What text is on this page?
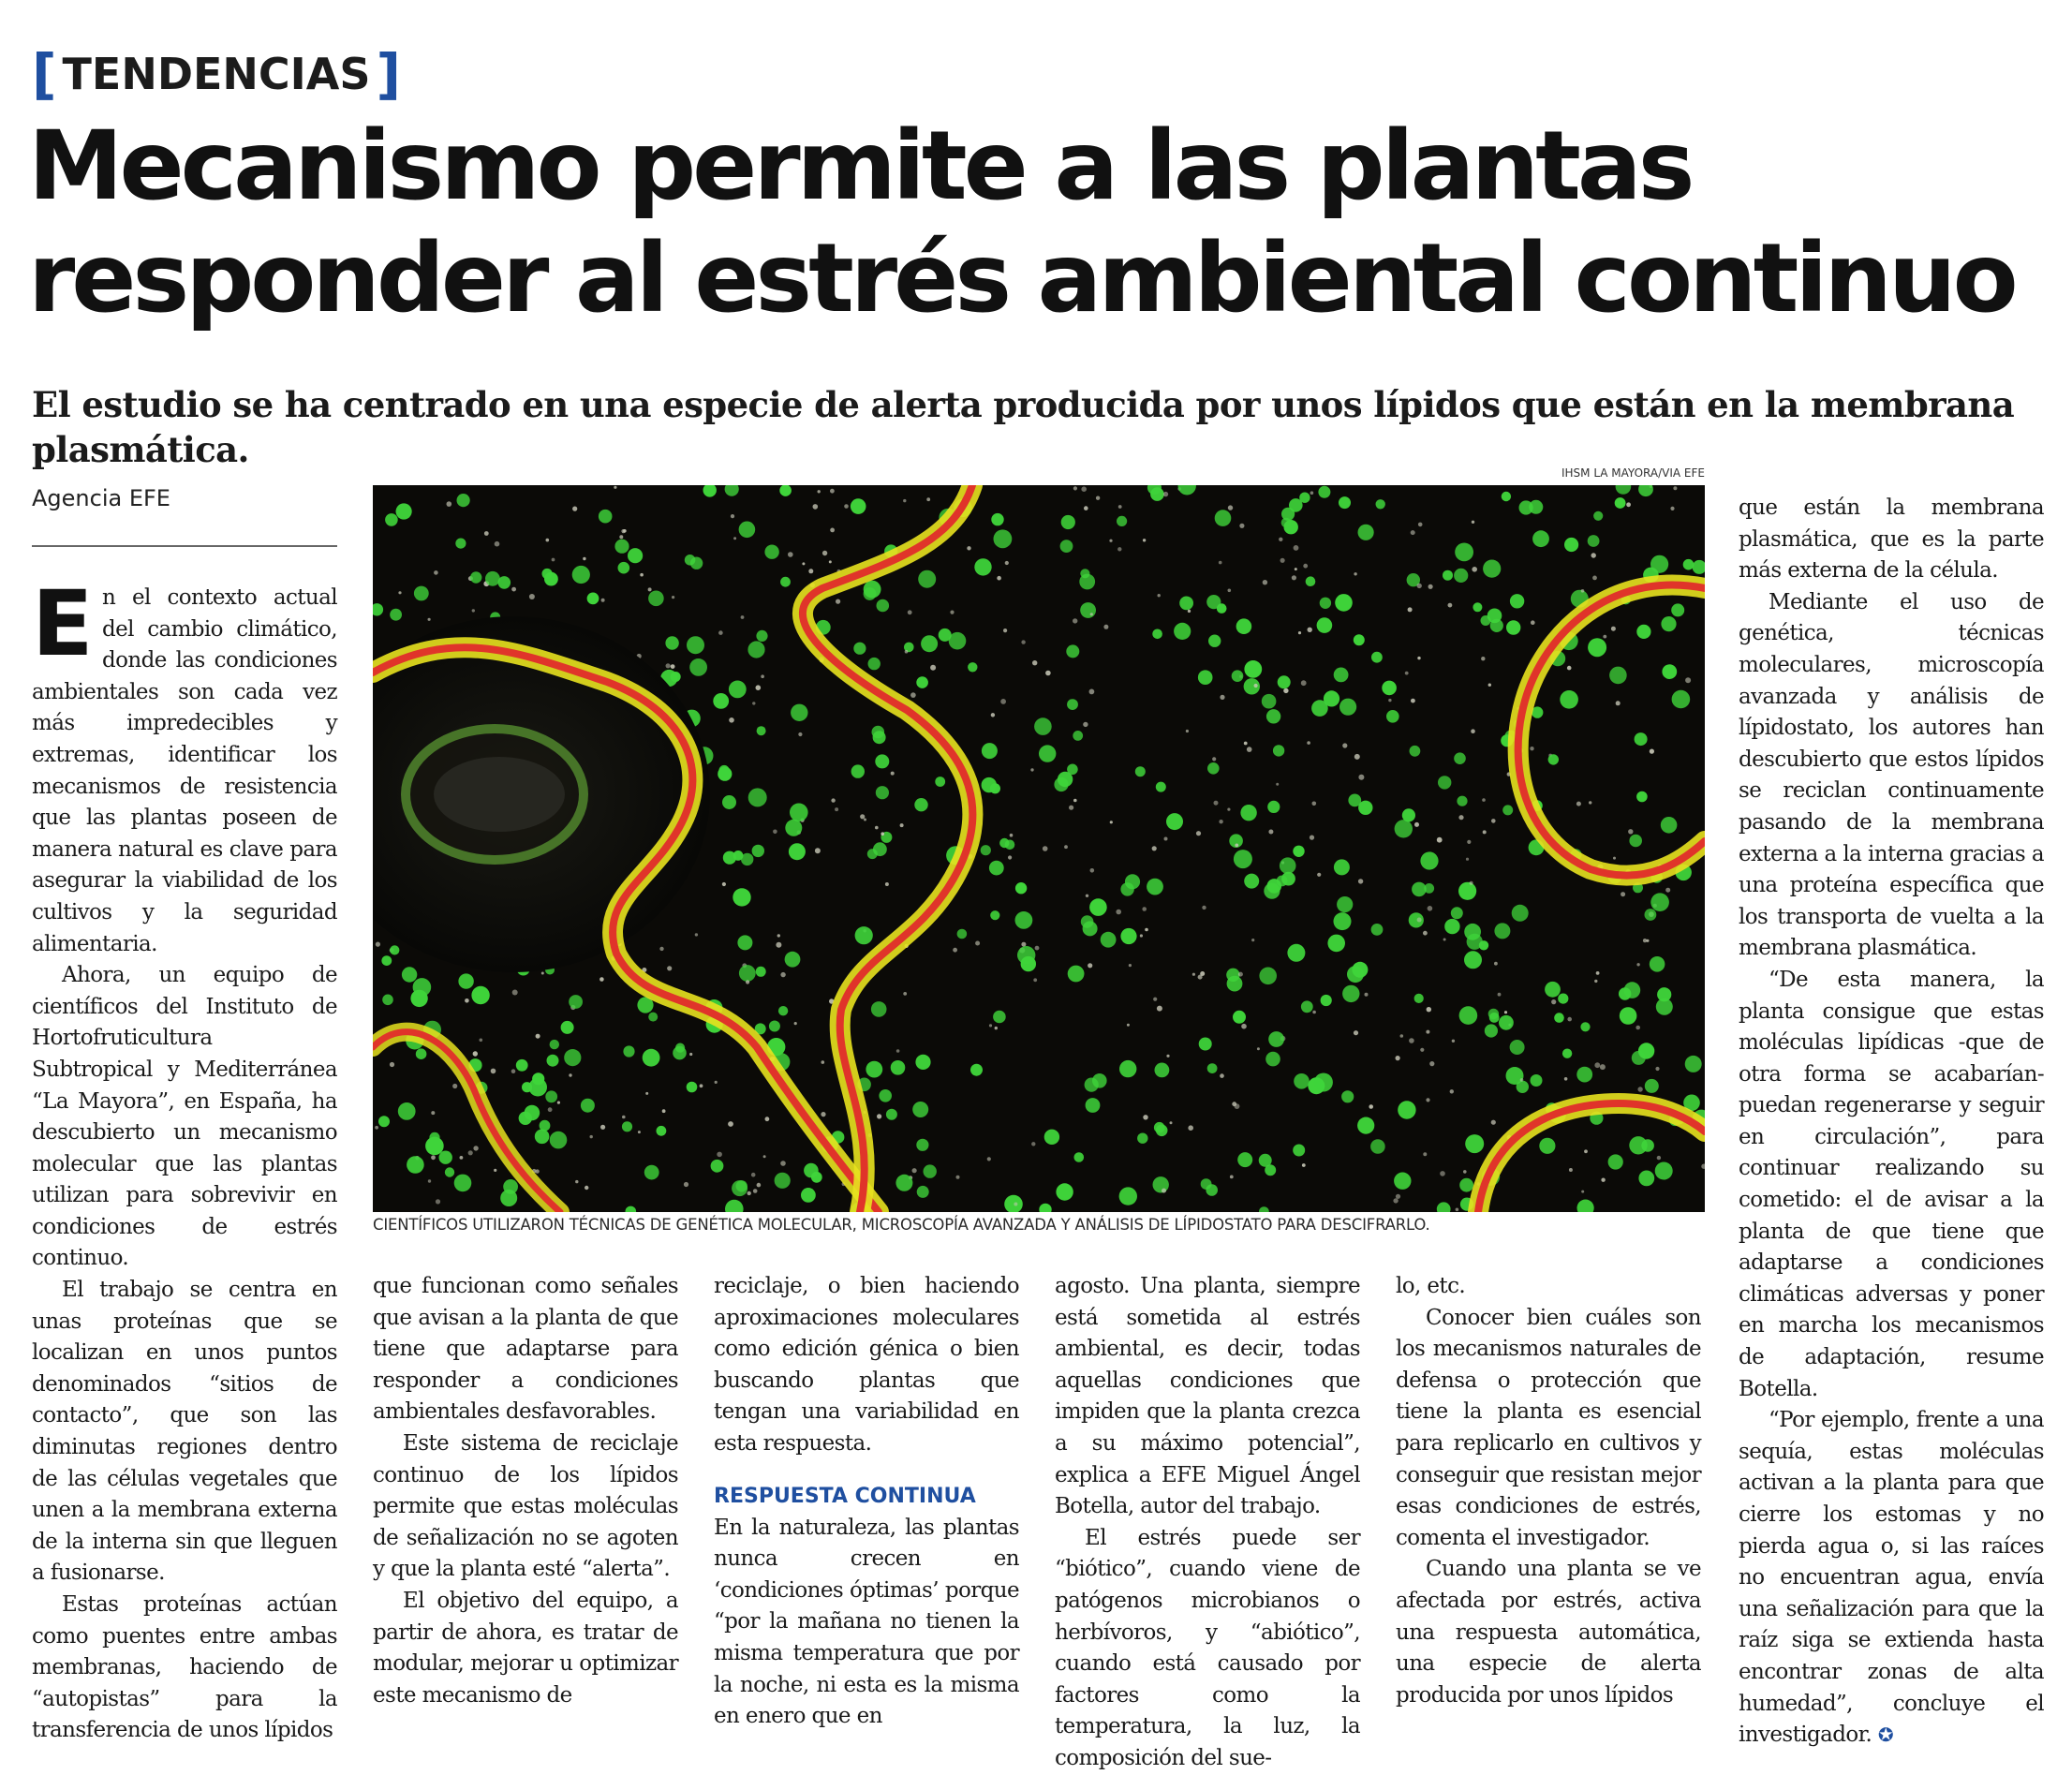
[ TENDENCIAS ]
Mecanismo permite a las plantas responder al estrés ambiental continuo

El estudio se ha centrado en una especie de alerta producida por unos lípidos que están en la membrana plasmática.

Agencia EFE
IHSM LA MAYORA/VIA EFE
CIENTÍFICOS UTILIZARON TÉCNICAS DE GENÉTICA MOLECULAR, MICROSCOPÍA AVANZADA Y ANÁLISIS DE LÍPIDOSTATO PARA DESCIFRARLO.

En el contexto actual del cambio climático, donde las condiciones ambientales son cada vez más impredecibles y extremas, identificar los mecanismos de resistencia que las plantas poseen de manera natural es clave para asegurar la viabilidad de los cultivos y la seguridad alimentaria.

Ahora, un equipo de científicos del Instituto de Hortofruticultura Subtropical y Mediterránea “La Mayora”, en España, ha descubierto un mecanismo molecular que las plantas utilizan para sobrevivir en condiciones de estrés continuo.

El trabajo se centra en unas proteínas que se localizan en unos puntos denominados “sitios de contacto”, que son las diminutas regiones dentro de las células vegetales que unen a la membrana externa de la interna sin que lleguen a fusionarse.

Estas proteínas actúan como puentes entre ambas membranas, haciendo de “autopistas” para la transferencia de unos lípidos

que funcionan como señales que avisan a la planta de que tiene que adaptarse para responder a condiciones ambientales desfavorables.

Este sistema de reciclaje continuo de los lípidos permite que estas moléculas de señalización no se agoten y que la planta esté “alerta”.

El objetivo del equipo, a partir de ahora, es tratar de modular, mejorar u optimizar este mecanismo de

reciclaje, o bien haciendo aproximaciones moleculares como edición génica o bien buscando plantas que tengan una variabilidad en esta respuesta.

RESPUESTA CONTINUA

En la naturaleza, las plantas nunca crecen en ‘condiciones óptimas’ porque “por la mañana no tienen la misma temperatura que por la noche, ni esta es la misma en enero que en

agosto. Una planta, siempre está sometida al estrés ambiental, es decir, todas aquellas condiciones que impiden que la planta crezca a su máximo potencial”, explica a EFE Miguel Ángel Botella, autor del trabajo.

El estrés puede ser “biótico”, cuando viene de patógenos microbianos o herbívoros, y “abiótico”, cuando está causado por factores como la temperatura, la luz, la composición del sue-

lo, etc.

Conocer bien cuáles son los mecanismos naturales de defensa o protección que tiene la planta es esencial para replicarlo en cultivos y conseguir que resistan mejor esas condiciones de estrés, comenta el investigador.

Cuando una planta se ve afectada por estrés, activa una respuesta automática, una especie de alerta producida por unos lípidos

que están la membrana plasmática, que es la parte más externa de la célula.

Mediante el uso de genética, técnicas moleculares, microscopía avanzada y análisis de lípidostato, los autores han descubierto que estos lípidos se reciclan continuamente pasando de la membrana externa a la interna gracias a una proteína específica que los transporta de vuelta a la membrana plasmática.

“De esta manera, la planta consigue que estas moléculas lipídicas -que de otra forma se acabarían- puedan regenerarse y seguir en circulación”, para continuar realizando su cometido: el de avisar a la planta de que tiene que adaptarse a condiciones climáticas adversas y poner en marcha los mecanismos de adaptación, resume Botella.

“Por ejemplo, frente a una sequía, estas moléculas activan a la planta para que cierre los estomas y no pierda agua o, si las raíces no encuentran agua, envía una señalización para que la raíz siga se extienda hasta encontrar zonas de alta humedad”, concluye el investigador. ✪
